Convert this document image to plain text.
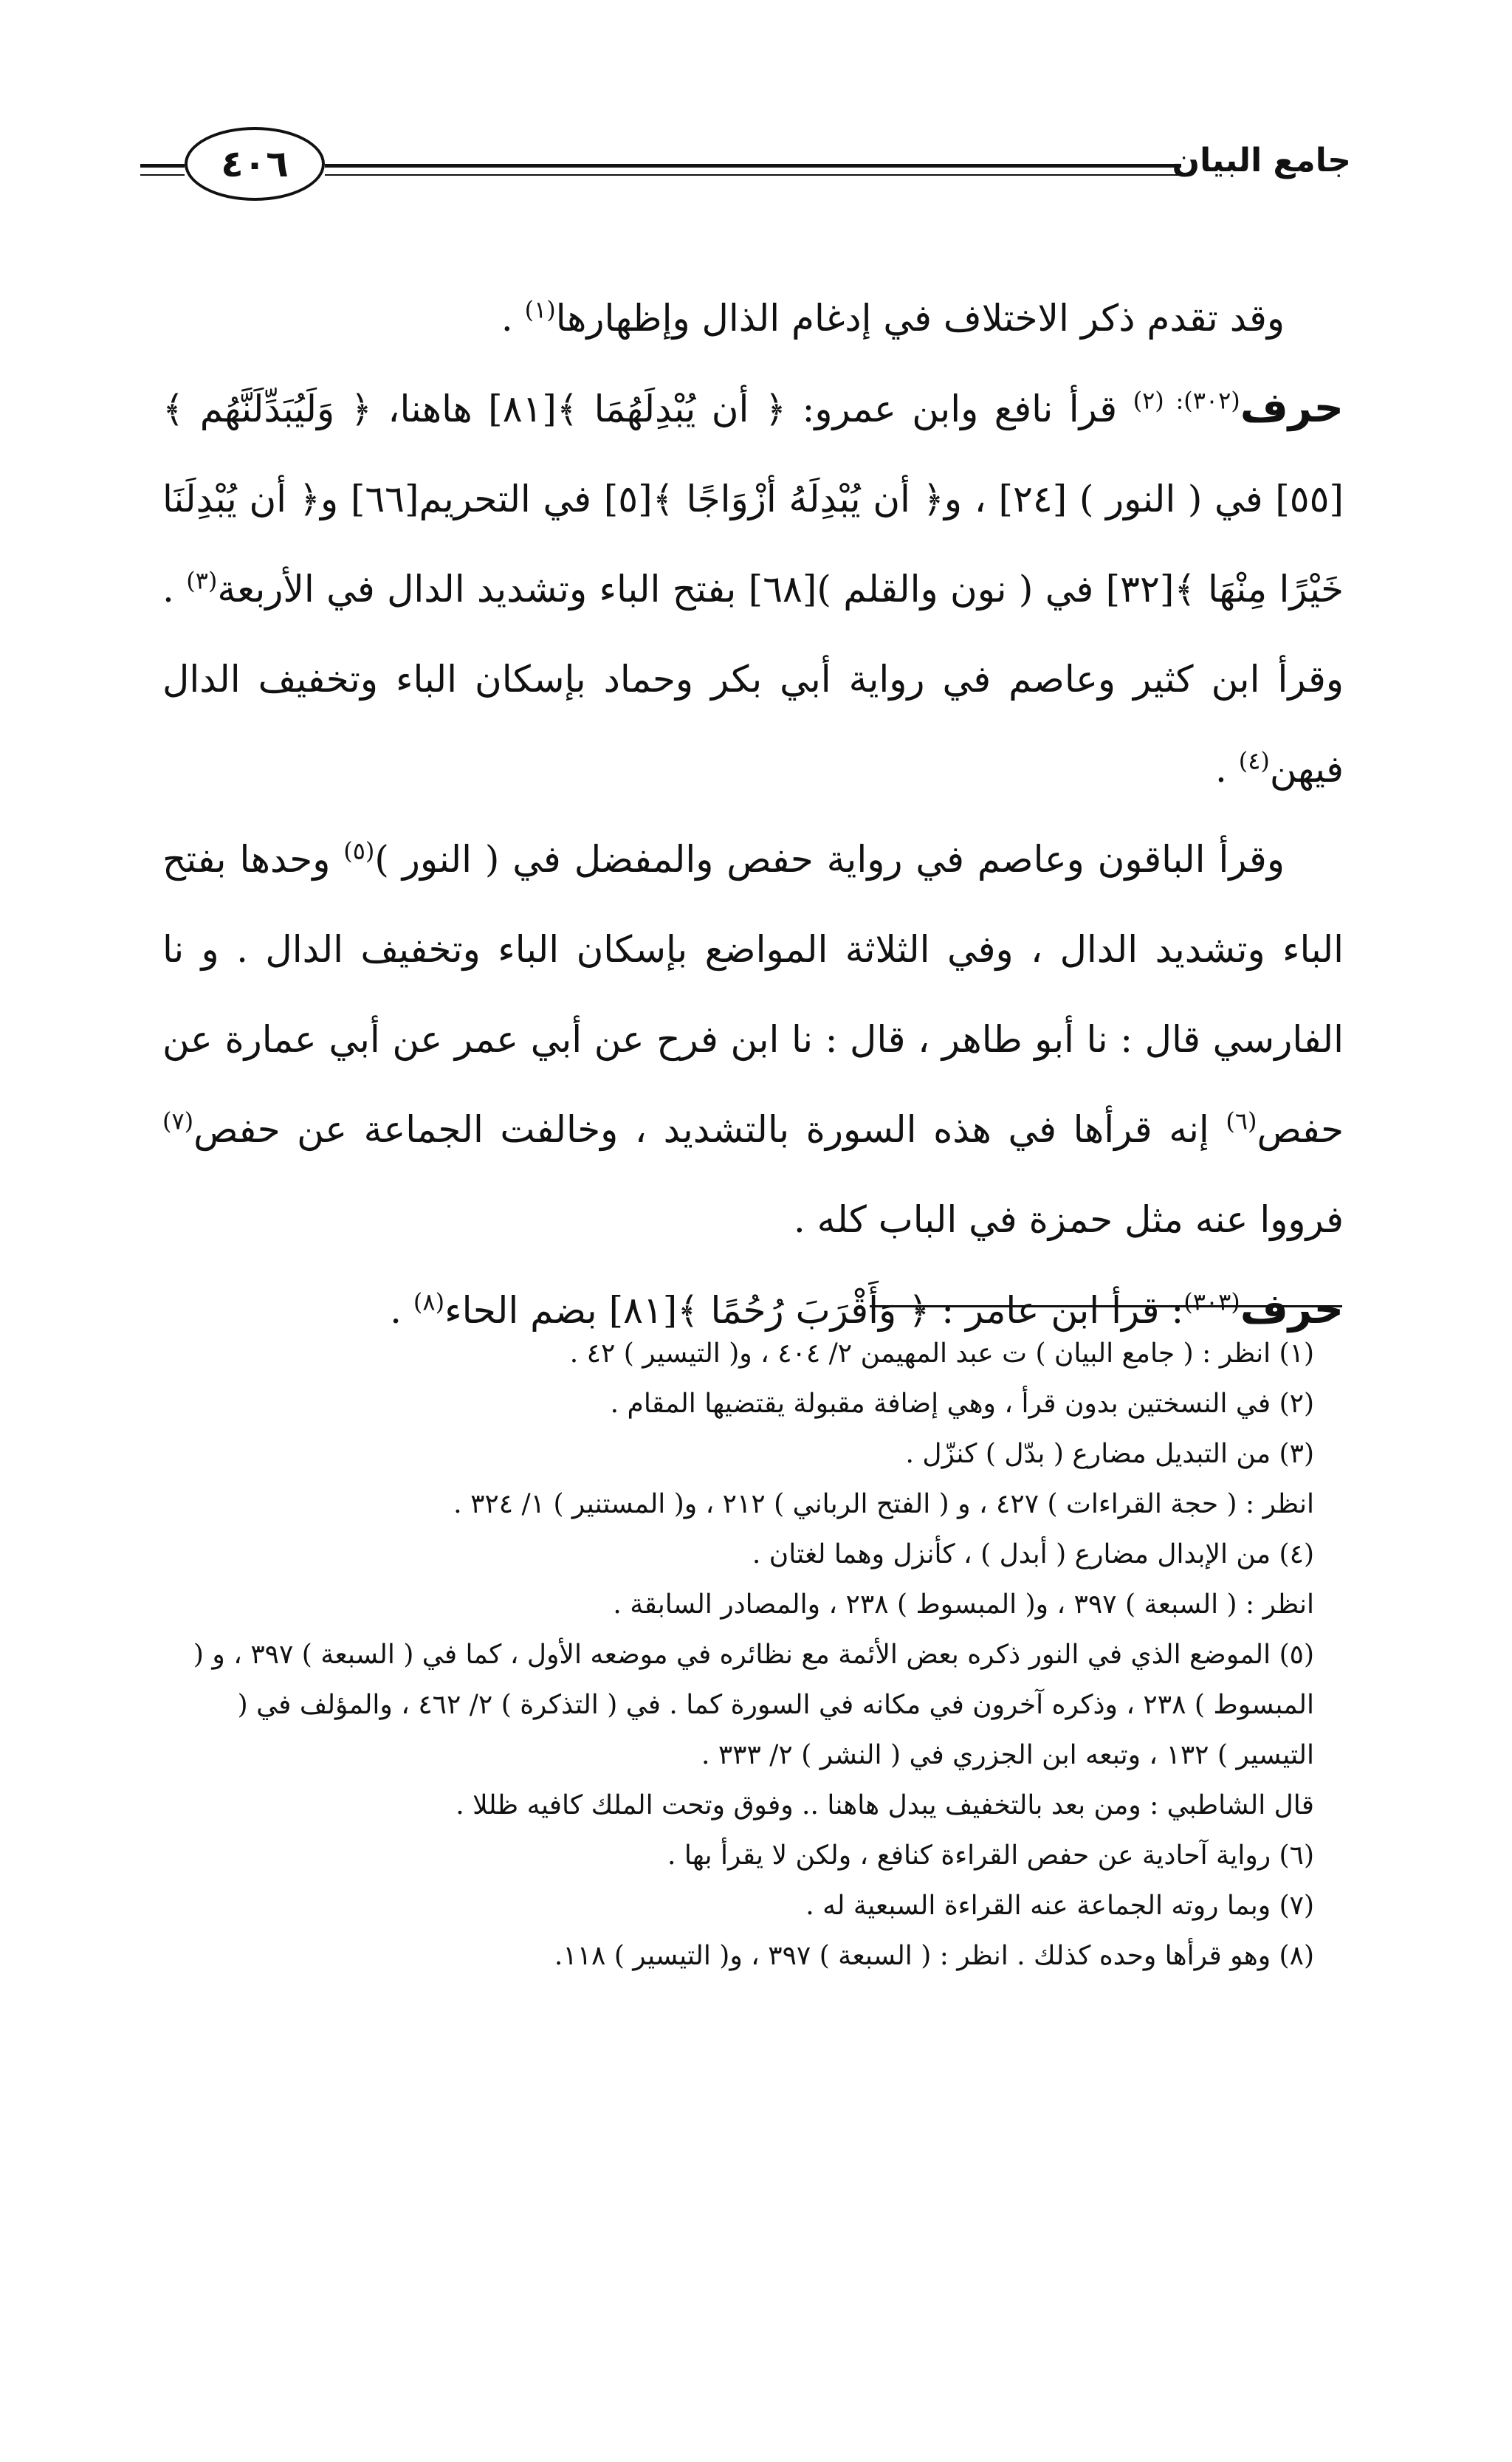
جامع البيان
٤٠٦

وقد تقدم ذكر الاختلاف في إدغام الذال وإظهارها$^{(١)}$ .

حرف$^{(٣٠٢): (٢)}$ قرأ نافع وابن عمرو: ﴿ أن يُبْدِلَهُمَا ﴾[٨١] هاهنا، ﴿ وَلَيُبَدِّلَنَّهُم ﴾[٥٥] في ( النور ) [٢٤] ، و﴿ أن يُبْدِلَهُ أزْوَاجًا ﴾[٥] في التحريم[٦٦] و﴿ أن يُبْدِلَنَا خَيْرًا مِنْهَا ﴾[٣٢] في ( نون والقلم )[٦٨] بفتح الباء وتشديد الدال في الأربعة$^{(٣)}$ . وقرأ ابن كثير وعاصم في رواية أبي بكر وحماد بإسكان الباء وتخفيف الدال فيهن$^{(٤)}$ .

وقرأ الباقون وعاصم في رواية حفص والمفضل في ( النور )$^{(٥)}$ وحدها بفتح الباء وتشديد الدال ، وفي الثلاثة المواضع بإسكان الباء وتخفيف الدال . و نا الفارسي قال : نا أبو طاهر ، قال : نا ابن فرح عن أبي عمر عن أبي عمارة عن حفص$^{(٦)}$ إنه قرأها في هذه السورة بالتشديد ، وخالفت الجماعة عن حفص$^{(٧)}$ فرووا عنه مثل حمزة في الباب كله .

حرف$^{(٣٠٣)}$: قرأ ابن عامر : ﴿ وَأَقْرَبَ رُحُمًا ﴾[٨١] بضم الحاء$^{(٨)}$ .

(١) انظر : ( جامع البيان ) ت عبد المهيمن ٢/ ٤٠٤ ، و( التيسير ) ٤٢ .

(٢) في النسختين بدون قرأ ، وهي إضافة مقبولة يقتضيها المقام .

(٣) من التبديل مضارع ( بدّل ) كنزّل .

انظر : ( حجة القراءات ) ٤٢٧ ، و ( الفتح الرباني ) ٢١٢ ، و( المستنير ) ١/ ٣٢٤ .

(٤) من الإبدال مضارع ( أبدل ) ، كأنزل وهما لغتان .

انظر : ( السبعة ) ٣٩٧ ، و( المبسوط ) ٢٣٨ ، والمصادر السابقة .

(٥) الموضع الذي في النور ذكره بعض الأئمة مع نظائره في موضعه الأول ، كما في ( السبعة ) ٣٩٧ ، و ( المبسوط ) ٢٣٨ ، وذكره آخرون في مكانه في السورة كما . في ( التذكرة ) ٢/ ٤٦٢ ، والمؤلف في ( التيسير ) ١٣٢ ، وتبعه ابن الجزري في ( النشر ) ٢/ ٣٣٣ .

قال الشاطبي : ومن بعد بالتخفيف يبدل هاهنا .. وفوق وتحت الملك كافيه ظللا .

(٦) رواية آحادية عن حفص القراءة كنافع ، ولكن لا يقرأ بها .

(٧) وبما روته الجماعة عنه القراءة السبعية له .

(٨) وهو قرأها وحده كذلك . انظر : ( السبعة ) ٣٩٧ ، و( التيسير ) ١١٨.
